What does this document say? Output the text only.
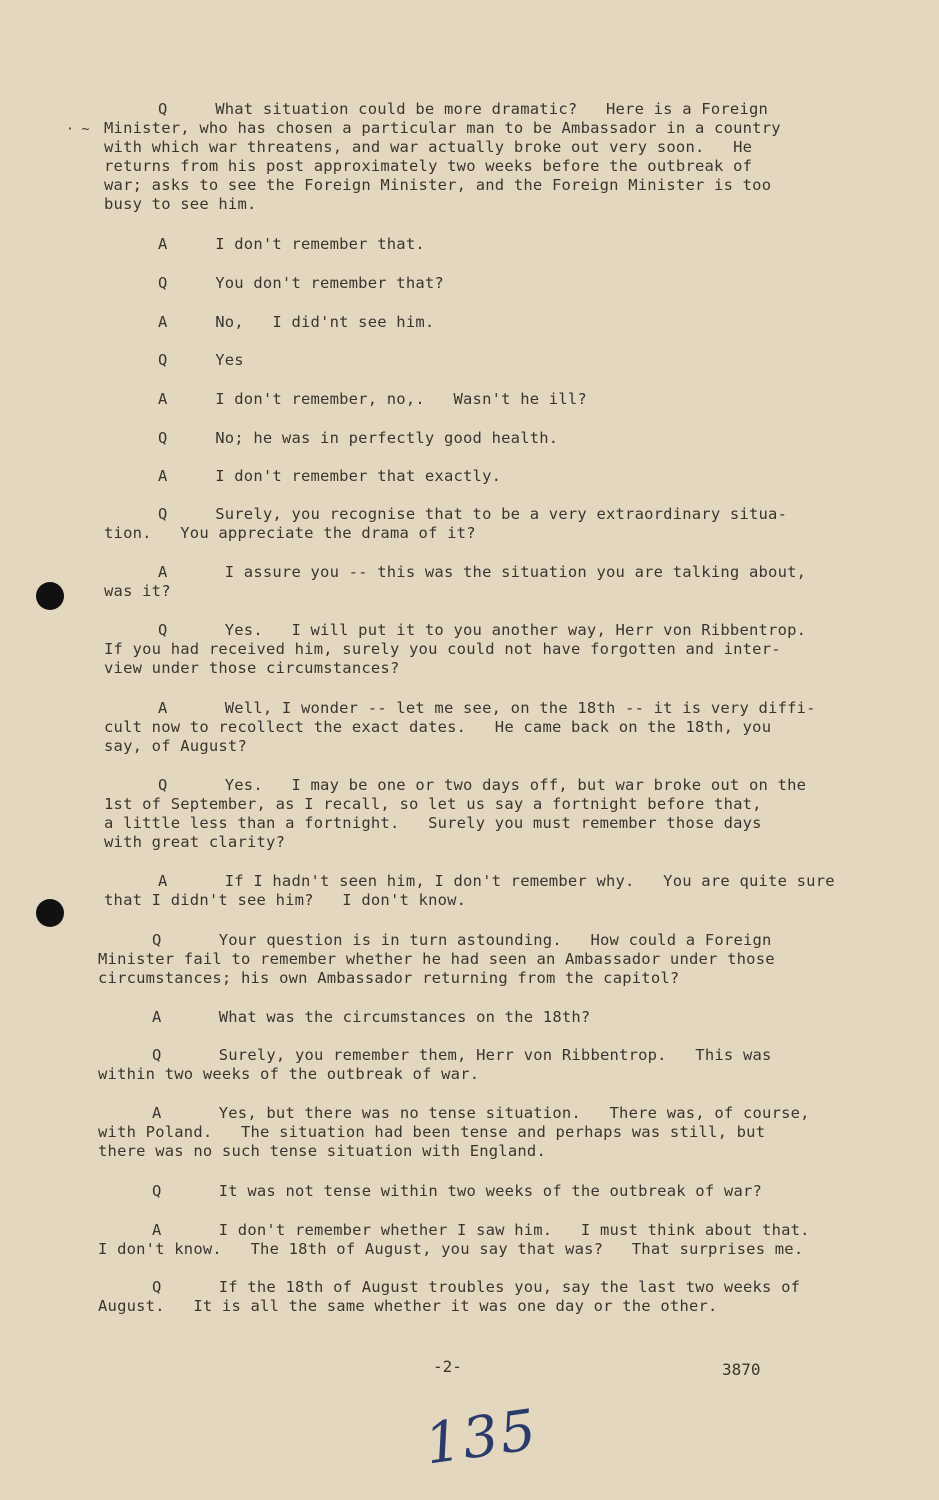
· ~
Q     What situation could be more dramatic?   Here is a Foreign
Minister, who has chosen a particular man to be Ambassador in a country
with which war threatens, and war actually broke out very soon.   He
returns from his post approximately two weeks before the outbreak of
war; asks to see the Foreign Minister, and the Foreign Minister is too
busy to see him.
A     I don't remember that.
Q     You don't remember that?
A     No,   I did'nt see him.
Q     Yes
A     I don't remember, no,.   Wasn't he ill?
Q     No; he was in perfectly good health.
A     I don't remember that exactly.
Q     Surely, you recognise that to be a very extraordinary situa-
tion.   You appreciate the drama of it?
A      I assure you -- this was the situation you are talking about,
was it?
Q      Yes.   I will put it to you another way, Herr von Ribbentrop.
If you had received him, surely you could not have forgotten and inter-
view under those circumstances?
A      Well, I wonder -- let me see, on the 18th -- it is very diffi-
cult now to recollect the exact dates.   He came back on the 18th, you
say, of August?
Q      Yes.   I may be one or two days off, but war broke out on the
1st of September, as I recall, so let us say a fortnight before that,
a little less than a fortnight.   Surely you must remember those days
with great clarity?
A      If I hadn't seen him, I don't remember why.   You are quite sure
that I didn't see him?   I don't know.
Q      Your question is in turn astounding.   How could a Foreign
Minister fail to remember whether he had seen an Ambassador under those
circumstances; his own Ambassador returning from the capitol?
A      What was the circumstances on the 18th?
Q      Surely, you remember them, Herr von Ribbentrop.   This was
within two weeks of the outbreak of war.
A      Yes, but there was no tense situation.   There was, of course,
with Poland.   The situation had been tense and perhaps was still, but
there was no such tense situation with England.
Q      It was not tense within two weeks of the outbreak of war?
A      I don't remember whether I saw him.   I must think about that.
I don't know.   The 18th of August, you say that was?   That surprises me.
Q      If the 18th of August troubles you, say the last two weeks of
August.   It is all the same whether it was one day or the other.
-2-	3870
135
